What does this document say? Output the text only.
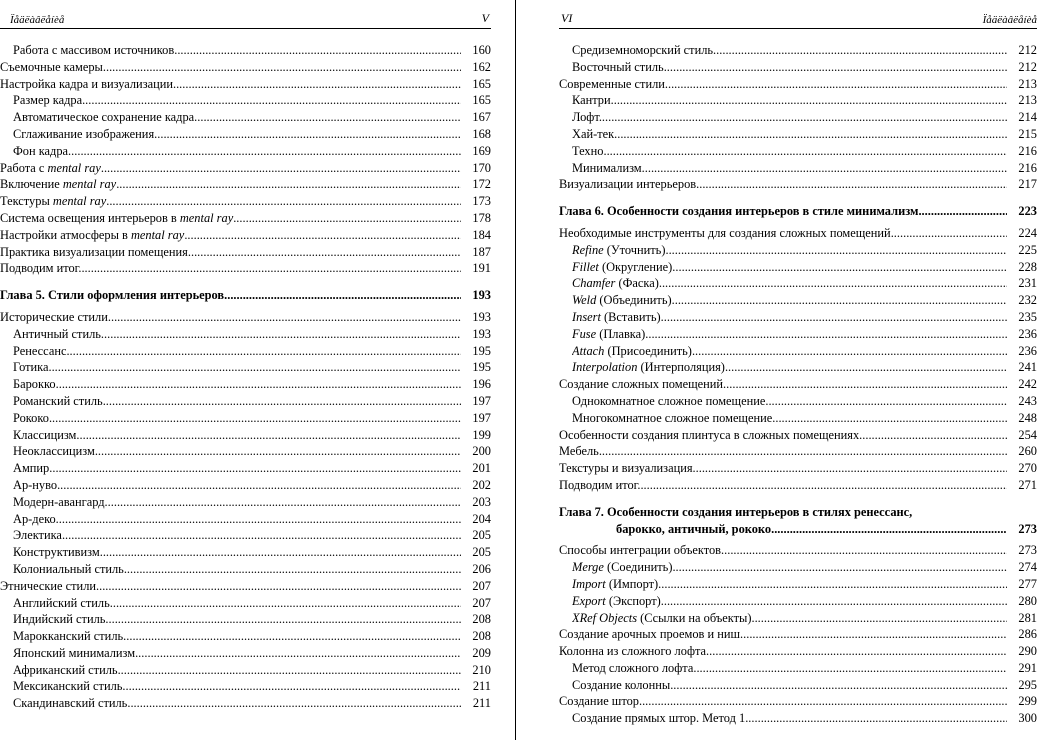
Ïåäëàâëåíèå	V
Работа с массивом источников .....	160
Съемочные камеры .....	162
Настройка кадра и визуализации .....	165
Размер кадра .....	165
Автоматическое сохранение кадра .....	167
Сглаживание изображения .....	168
Фон кадра .....	169
Работа с mental ray .....	170
Включение mental ray .....	172
Текстуры mental ray .....	173
Система освещения интерьеров в mental ray .....	178
Настройки атмосферы в mental ray .....	184
Практика визуализации помещения .....	187
Подводим итог .....	191
Глава 5. Стили оформления интерьеров .....	193
Исторические стили .....	193
Античный стиль .....	193
Ренессанс .....	195
Готика .....	195
Барокко .....	196
Романский стиль .....	197
Рококо .....	197
Классицизм .....	199
Неоклассицизм .....	200
Ампир .....	201
Ар-нуво .....	202
Модерн-авангард .....	203
Ар-деко .....	204
Электика .....	205
Конструктивизм .....	205
Колониальный стиль .....	206
Этнические стили .....	207
Английский стиль .....	207
Индийский стиль .....	208
Марокканский стиль .....	208
Японский минимализм .....	209
Африканский стиль .....	210
Мексиканский стиль .....	211
Скандинавский стиль .....	211
VI	Ïåäëàâëåíèå
Средиземноморский стиль .....	212
Восточный стиль .....	212
Современные стили .....	213
Кантри .....	213
Лофт .....	214
Хай-тек .....	215
Техно .....	216
Минимализм .....	216
Визуализации интерьеров .....	217
Глава 6. Особенности создания интерьеров в стиле минимализм .....	223
Необходимые инструменты для создания сложных помещений .....	224
Refine (Уточнить) .....	225
Fillet (Округление) .....	228
Chamfer (Фаска) .....	231
Weld (Объединить) .....	232
Insert (Вставить) .....	235
Fuse (Плавка) .....	236
Attach (Присоединить) .....	236
Interpolation (Интерполяция) .....	241
Создание сложных помещений .....	242
Однокомнатное сложное помещение .....	243
Многокомнатное сложное помещение .....	248
Особенности создания плинтуса в сложных помещениях .....	254
Мебель .....	260
Текстуры и визуализация .....	270
Подводим итог .....	271
Глава 7. Особенности создания интерьеров в стилях ренессанс,
барокко, античный, рококо .....	273
Способы интеграции объектов .....	273
Merge (Соединить) .....	274
Import (Импорт) .....	277
Export (Экспорт) .....	280
XRef Objects (Ссылки на объекты) .....	281
Создание арочных проемов и ниш .....	286
Колонна из сложного лофта .....	290
Метод сложного лофта .....	291
Создание колонны .....	295
Создание штор .....	299
Создание прямых штор. Метод 1 .....	300
